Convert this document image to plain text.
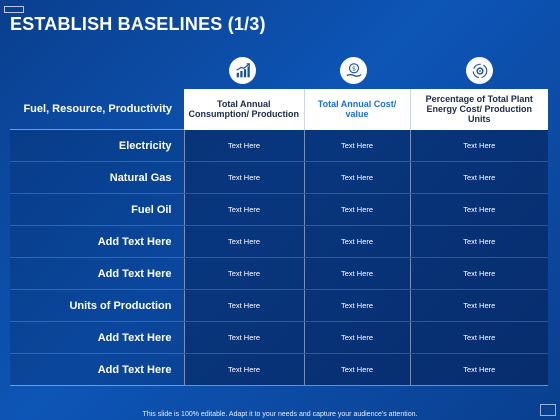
ESTABLISH BASELINES (1/3)
$
Fuel, Resource, Productivity	Total Annual Consumption/ Production	Total Annual Cost/ value	Percentage of Total Plant Energy Cost/ Production Units
Electricity	Text Here	Text Here	Text Here
Natural Gas	Text Here	Text Here	Text Here
Fuel Oil	Text Here	Text Here	Text Here
Add Text Here	Text Here	Text Here	Text Here
Add Text Here	Text Here	Text Here	Text Here
Units of Production	Text Here	Text Here	Text Here
Add Text Here	Text Here	Text Here	Text Here
Add Text Here	Text Here	Text Here	Text Here
This slide is 100% editable. Adapt it to your needs and capture your audience's attention.
